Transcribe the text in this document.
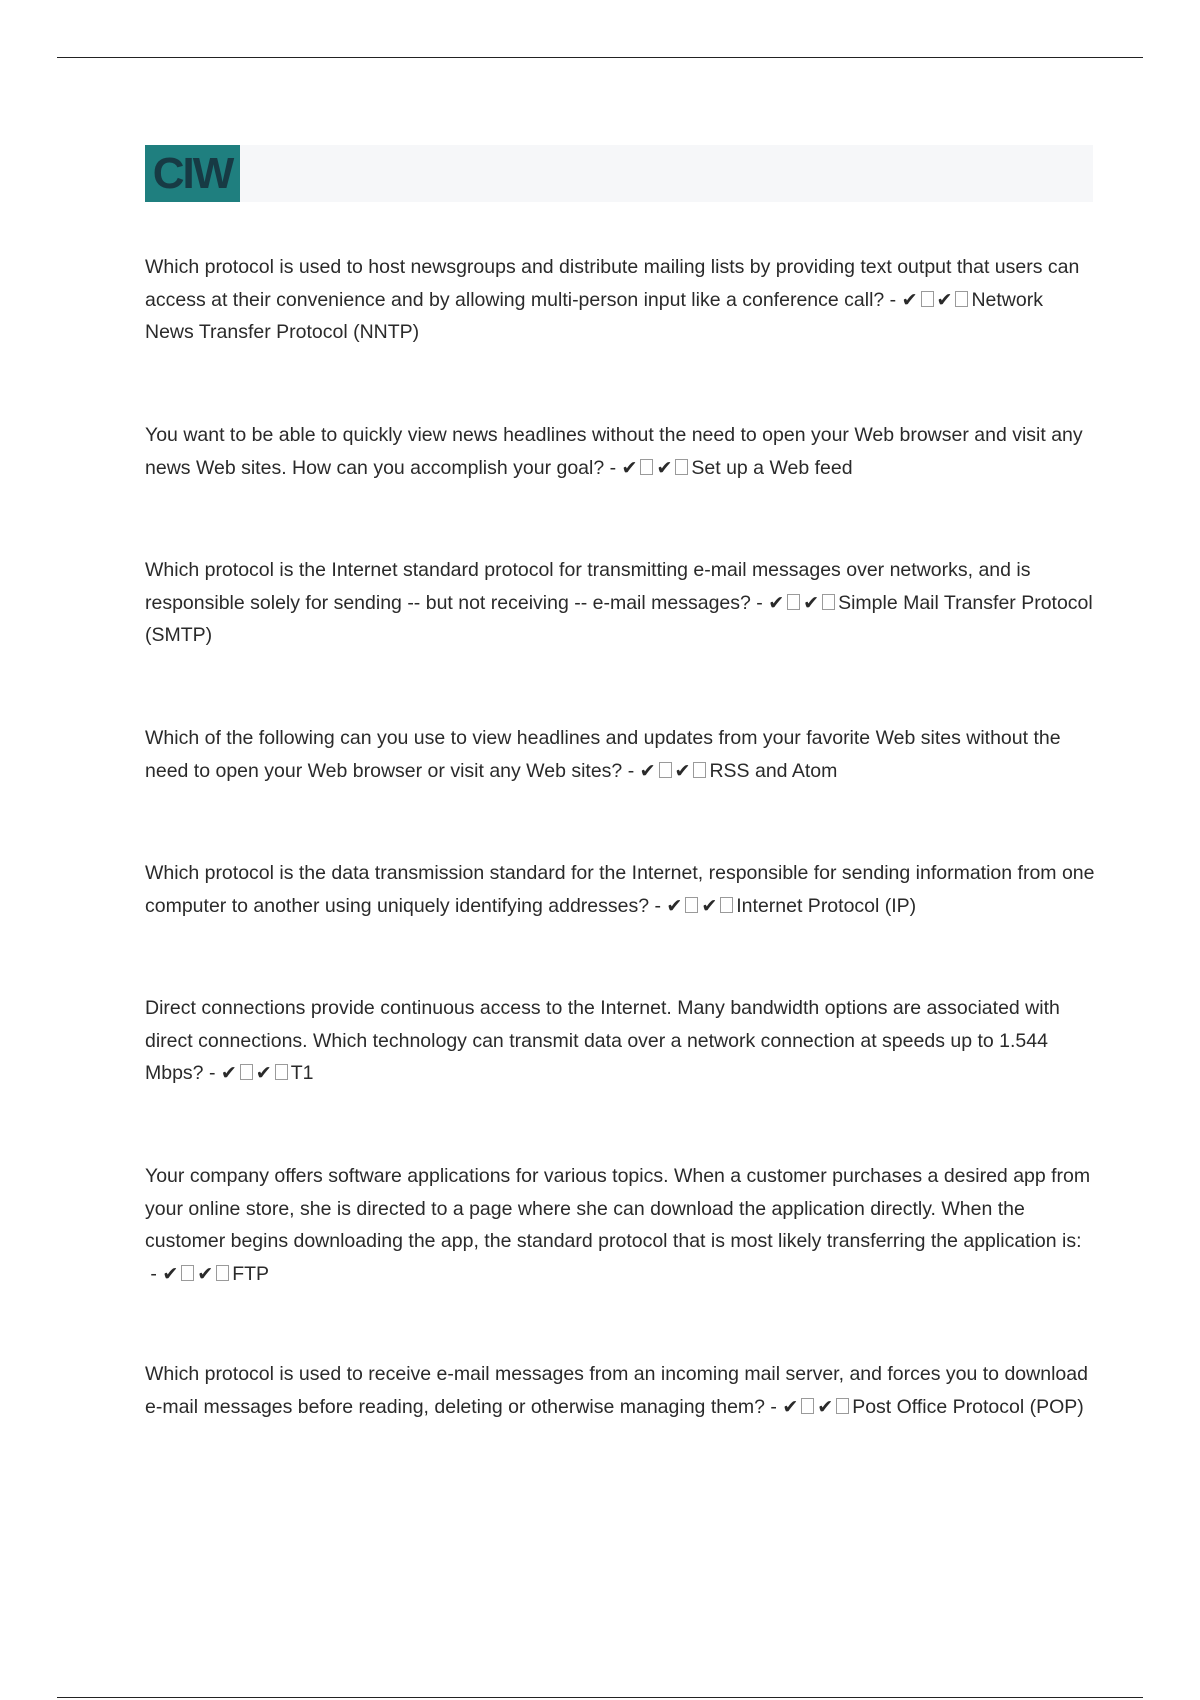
CIW

Which protocol is used to host newsgroups and distribute mailing lists by providing text output that users can access at their convenience and by allowing multi-person input like a conference call? - ✔ ✔ Network News Transfer Protocol (NNTP)

You want to be able to quickly view news headlines without the need to open your Web browser and visit any news Web sites. How can you accomplish your goal? - ✔ ✔ Set up a Web feed

Which protocol is the Internet standard protocol for transmitting e-mail messages over networks, and is responsible solely for sending -- but not receiving -- e-mail messages? - ✔ ✔ Simple Mail Transfer Protocol (SMTP)

Which of the following can you use to view headlines and updates from your favorite Web sites without the need to open your Web browser or visit any Web sites? - ✔ ✔ RSS and Atom

Which protocol is the data transmission standard for the Internet, responsible for sending information from one computer to another using uniquely identifying addresses? - ✔ ✔ Internet Protocol (IP)

Direct connections provide continuous access to the Internet. Many bandwidth options are associated with direct connections. Which technology can transmit data over a network connection at speeds up to 1.544 Mbps? - ✔ ✔ T1

Your company offers software applications for various topics. When a customer purchases a desired app from your online store, she is directed to a page where she can download the application directly. When the customer begins downloading the app, the standard protocol that is most likely transferring the application is: - ✔ ✔ FTP

Which protocol is used to receive e-mail messages from an incoming mail server, and forces you to download e-mail messages before reading, deleting or otherwise managing them? - ✔ ✔ Post Office Protocol (POP)
